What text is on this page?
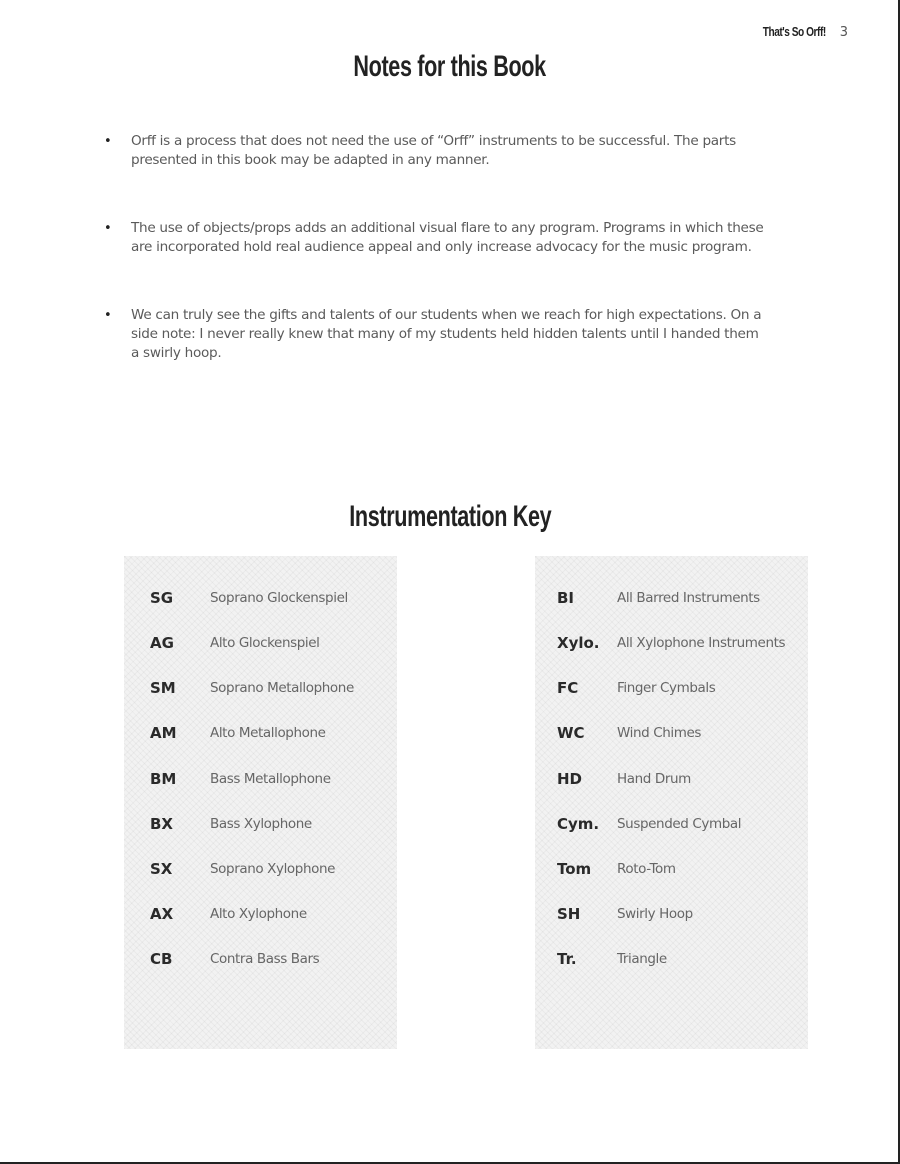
That's So Orff! 3
Notes for this Book
• Orff is a process that does not need the use of “Orff” instruments to be successful. The parts presented in this book may be adapted in any manner.
• The use of objects/props adds an additional visual flare to any program. Programs in which these are incorporated hold real audience appeal and only increase advocacy for the music program.
• We can truly see the gifts and talents of our students when we reach for high expectations. On a side note: I never really knew that many of my students held hidden talents until I handed them a swirly hoop.
Instrumentation Key
SG	Soprano Glockenspiel
AG	Alto Glockenspiel
SM	Soprano Metallophone
AM	Alto Metallophone
BM	Bass Metallophone
BX	Bass Xylophone
SX	Soprano Xylophone
AX	Alto Xylophone
CB	Contra Bass Bars
BI	All Barred Instruments
Xylo.	All Xylophone Instruments
FC	Finger Cymbals
WC	Wind Chimes
HD	Hand Drum
Cym.	Suspended Cymbal
Tom	Roto-Tom
SH	Swirly Hoop
Tr.	Triangle
